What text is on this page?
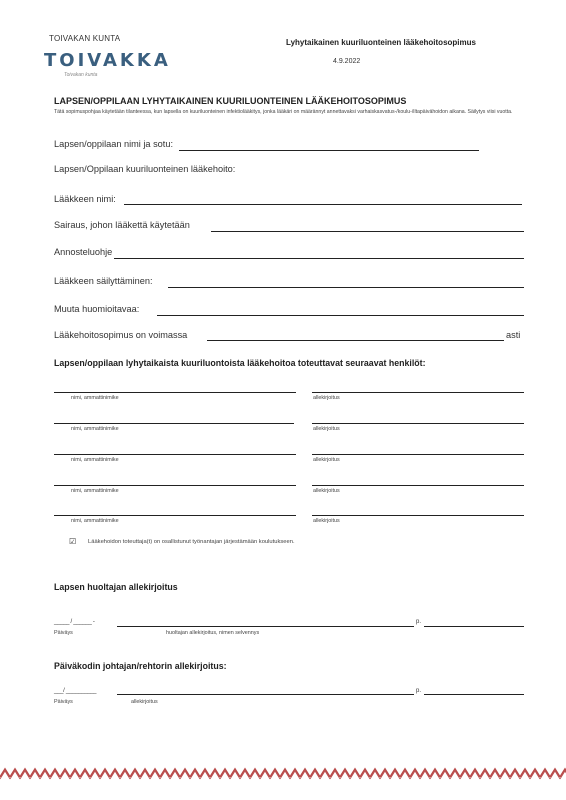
TOIVAKAN KUNTA	Lyhytaikainen kuuriluonteinen lääkehoitosopimus
4.9.2022
TOIVAKKA
Toivakan kunta
LAPSEN/OPPILAAN LYHYTAIKAINEN KUURILUONTEINEN LÄÄKEHOITOSOPIMUS
Tätä sopimuspohjaa käytetään tilanteessa, kun lapsella on kuuriluonteinen infektiolääkitys, jonka lääkäri on määrännyt annettavaksi varhaiskasvatus-/koulu-/iltapäivähoidon aikana. Säilytys viisi vuotta.
Lapsen/oppilaan nimi ja sotu:
Lapsen/Oppilaan kuuriluonteinen lääkehoito:
Lääkkeen nimi:
Sairaus, johon lääkettä käytetään
Annosteluohje
Lääkkeen säilyttäminen:
Muuta huomioitavaa:
Lääkehoitosopimus on voimassa	asti
Lapsen/oppilaan lyhytaikaista kuuriluontoista lääkehoitoa toteuttavat seuraavat henkilöt:
nimi, ammattinimike	allekirjoitus
nimi, ammattinimike	allekirjoitus
nimi, ammattinimike	allekirjoitus
nimi, ammattinimike	allekirjoitus
nimi, ammattinimike	allekirjoitus
☑ Lääkehoidon toteuttaja(t) on osallistunut työnantajan järjestämään koulutukseen.
Lapsen huoltajan allekirjoitus
_____ / ______ -	p.
Päiväys	huoltajan allekirjoitus, nimen selvennys
Päiväkodin johtajan/rehtorin allekirjoitus:
___/ __________	p.
Päiväys	allekirjoitus
